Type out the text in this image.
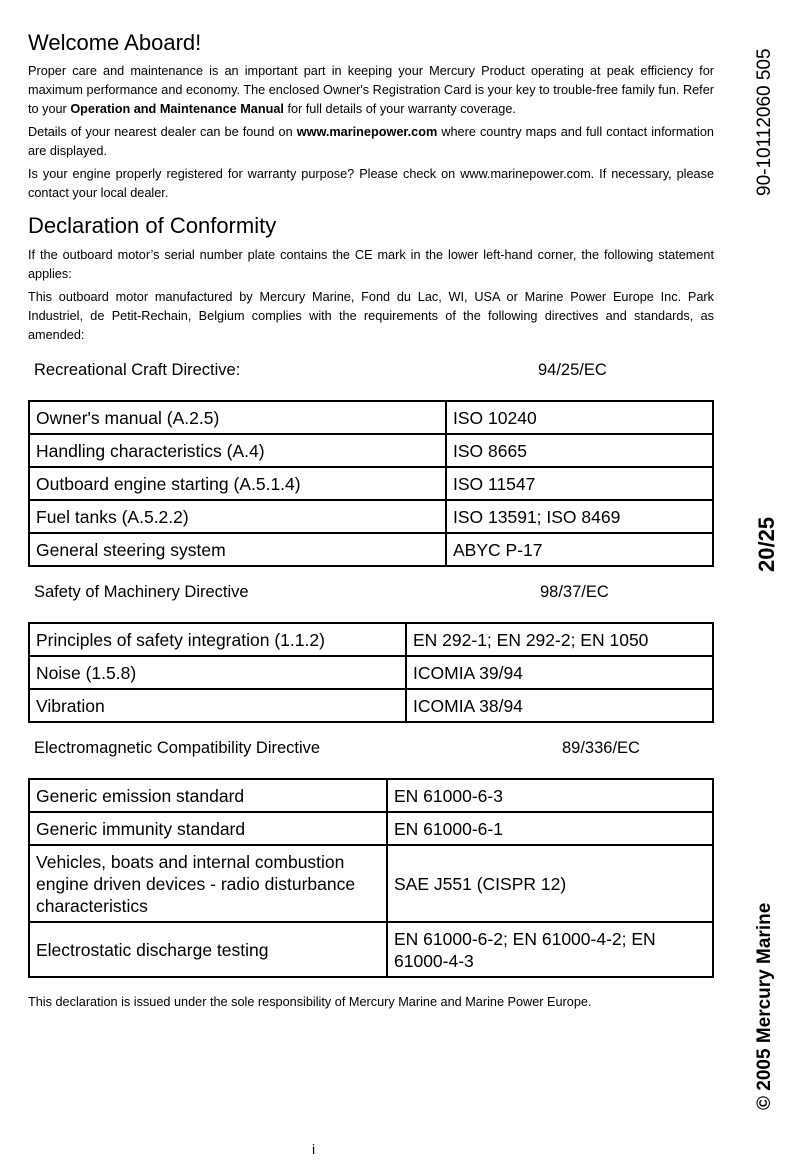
Welcome Aboard!

Proper care and maintenance is an important part in keeping your Mercury Product operating at peak efficiency for maximum performance and economy. The enclosed Owner's Registration Card is your key to trouble-free family fun. Refer to your Operation and Maintenance Manual for full details of your warranty coverage.

Details of your nearest dealer can be found on www.marinepower.com where country maps and full contact information are displayed.

Is your engine properly registered for warranty purpose? Please check on www.marinepower.com. If necessary, please contact your local dealer.

Declaration of Conformity

If the outboard motor’s serial number plate contains the CE mark in the lower left-hand corner, the following statement applies:

This outboard motor manufactured by Mercury Marine, Fond du Lac, WI, USA or Marine Power Europe Inc. Park Industriel, de Petit-Rechain, Belgium complies with the requirements of the following directives and standards, as amended:

Recreational Craft Directive:	94/25/EC
Owner's manual (A.2.5)	ISO 10240
Handling characteristics (A.4)	ISO 8665
Outboard engine starting (A.5.1.4)	ISO 11547
Fuel tanks (A.5.2.2)	ISO 13591; ISO 8469
General steering system	ABYC P-17
Safety of Machinery Directive	98/37/EC
Principles of safety integration (1.1.2)	EN 292-1; EN 292-2; EN 1050
Noise (1.5.8)	ICOMIA 39/94
Vibration	ICOMIA 38/94
Electromagnetic Compatibility Directive	89/336/EC
Generic emission standard	EN 61000-6-3
Generic immunity standard	EN 61000-6-1
Vehicles, boats and internal combustion engine driven devices - radio disturbance characteristics	SAE J551 (CISPR 12)
Electrostatic discharge testing	EN 61000-6-2; EN 61000-4-2; EN 61000-4-3

This declaration is issued under the sole responsibility of Mercury Marine and Marine Power Europe.

i
90-10112060 505
20/25
© 2005 Mercury Marine
